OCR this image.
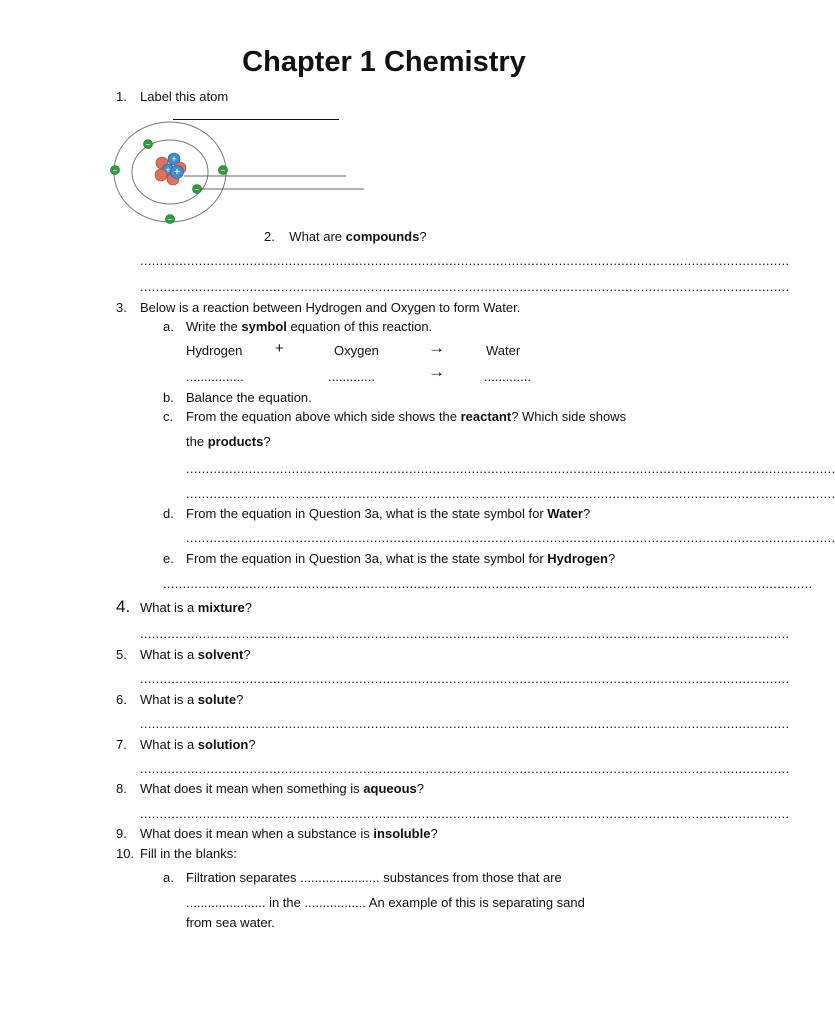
Chapter 1 Chemistry
1. Label this atom
+
+
+
−
−	−
−
−
2. What are compounds?
......................................................................................................................................................................
......................................................................................................................................................................
3. Below is a reaction between Hydrogen and Oxygen to form Water.
a. Write the symbol equation of this reaction.
Hydrogen +	Oxygen	→	Water
................	.............	→	.............
b. Balance the equation.
c. From the equation above which side shows the reactant? Which side shows
the products?
......................................................................................................................................................................
......................................................................................................................................................................
d. From the equation in Question 3a, what is the state symbol for Water?
......................................................................................................................................................................
e. From the equation in Question 3a, what is the state symbol for Hydrogen?
......................................................................................................................................................................
4. What is a mixture?
......................................................................................................................................................................
5. What is a solvent?
......................................................................................................................................................................
6. What is a solute?
......................................................................................................................................................................
7. What is a solution?
......................................................................................................................................................................
8. What does it mean when something is aqueous?
......................................................................................................................................................................
9. What does it mean when a substance is insoluble?
10. Fill in the blanks:
a. Filtration separates ...................... substances from those that are
...................... in the ................. An example of this is separating sand
from sea water.
